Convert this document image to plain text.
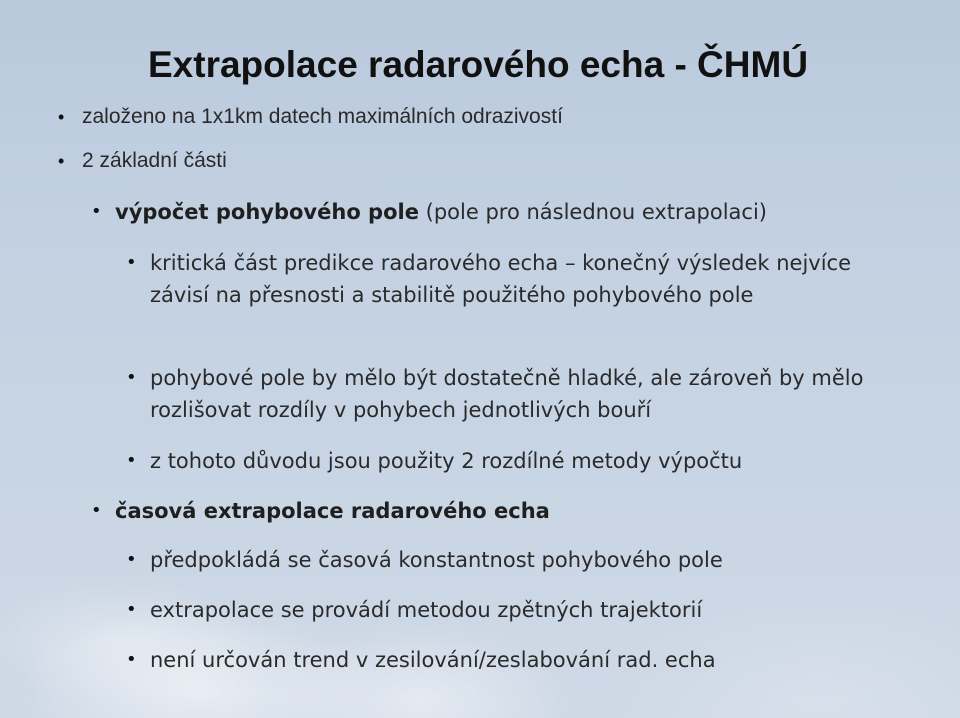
Extrapolace radarového echa - ČHMÚ
• založeno na 1x1km datech maximálních odrazivostí
• 2 základní části
• výpočet pohybového pole (pole pro následnou extrapolaci)
• kritická část predikce radarového echa – konečný výsledek nejvíce závisí na přesnosti a stabilitě použitého pohybového pole
• pohybové pole by mělo být dostatečně hladké, ale zároveň by mělo rozlišovat rozdíly v pohybech jednotlivých bouří
• z tohoto důvodu jsou použity 2 rozdílné metody výpočtu
• časová extrapolace radarového echa
• předpokládá se časová konstantnost pohybového pole
• extrapolace se provádí metodou zpětných trajektorií
• není určován trend v zesilování/zeslabování rad. echa
